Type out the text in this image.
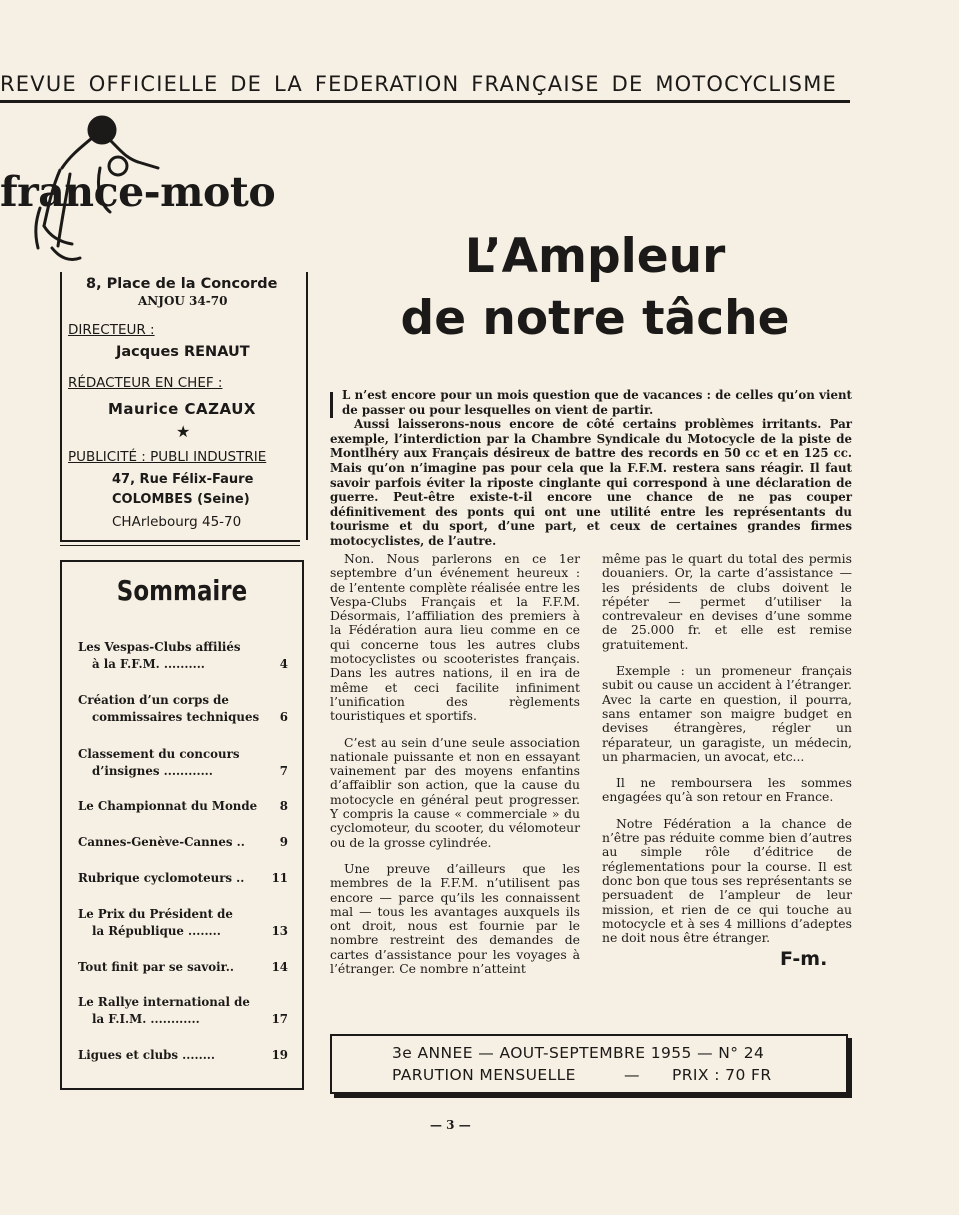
REVUE OFFICIELLE DE LA FEDERATION FRANÇAISE DE MOTOCYCLISME
france-moto
L’Ampleur
de notre tâche
8, Place de la Concorde
ANJOU 34-70
DIRECTEUR :
Jacques RENAUT
RÉDACTEUR EN CHEF :
Maurice CAZAUX
★
PUBLICITÉ : PUBLI INDUSTRIE
47, Rue Félix-Faure
COLOMBES (Seine)
CHArlebourg 45-70
Sommaire
Les Vespas-Clubs affiliés
à la F.F.M. ..........	4
Création d’un corps de
commissaires techniques	6
Classement du concours
d’insignes ............	7
Le Championnat du Monde	8
Cannes-Genève-Cannes ..	9
Rubrique cyclomoteurs ..	11
Le Prix du Président de
la République ........	13
Tout finit par se savoir..	14
Le Rallye international de
la F.I.M. ............	17
Ligues et clubs ........	19
L n’est encore pour un mois question que de vacances : de celles qu’on vient de passer ou pour lesquelles on vient de partir.
Aussi laisserons-nous encore de côté certains problèmes irritants. Par exemple, l’interdiction par la Chambre Syndicale du Motocycle de la piste de Montlhéry aux Français désireux de battre des records en 50 cc et en 125 cc. Mais qu’on n’imagine pas pour cela que la F.F.M. restera sans réagir. Il faut savoir parfois éviter la riposte cinglante qui correspond à une déclaration de guerre. Peut-être existe-t-il encore une chance de ne pas couper définitivement des ponts qui ont une utilité entre les représentants du tourisme et du sport, d’une part, et ceux de certaines grandes firmes motocyclistes, de l’autre.

Non. Nous parlerons en ce 1er septembre d’un événement heureux : de l’entente complète réalisée entre les Vespa-Clubs Français et la F.F.M. Désormais, l’affiliation des premiers à la Fédération aura lieu comme en ce qui concerne tous les autres clubs motocyclistes ou scooteristes français. Dans les autres nations, il en ira de même et ceci facilite infiniment l’unification des règlements touristiques et sportifs.

C’est au sein d’une seule association nationale puissante et non en essayant vainement par des moyens enfantins d’affaiblir son action, que la cause du motocycle en général peut progresser. Y compris la cause « commerciale » du cyclomoteur, du scooter, du vélomoteur ou de la grosse cylindrée.

Une preuve d’ailleurs que les membres de la F.F.M. n’utilisent pas encore — parce qu’ils les connaissent mal — tous les avantages auxquels ils ont droit, nous est fournie par le nombre restreint des demandes de cartes d’assistance pour les voyages à l’étranger. Ce nombre n’atteint

même pas le quart du total des permis douaniers. Or, la carte d’assistance — les présidents de clubs doivent le répéter — permet d’utiliser la contrevaleur en devises d’une somme de 25.000 fr. et elle est remise gratuitement.

Exemple : un promeneur français subit ou cause un accident à l’étranger. Avec la carte en question, il pourra, sans entamer son maigre budget en devises étrangères, régler un réparateur, un garagiste, un médecin, un pharmacien, un avocat, etc...

Il ne remboursera les sommes engagées qu’à son retour en France.

Notre Fédération a la chance de n’être pas réduite comme bien d’autres au simple rôle d’éditrice de réglementations pour la course. Il est donc bon que tous ses représentants se persuadent de l’ampleur de leur mission, et rien de ce qui touche au motocycle et à ses 4 millions d’adeptes ne doit nous être étranger.

F-m.
3e ANNEE — AOUT-SEPTEMBRE 1955 — N° 24
PARUTION MENSUELLE	— PRIX : 70 FR
— 3 —
